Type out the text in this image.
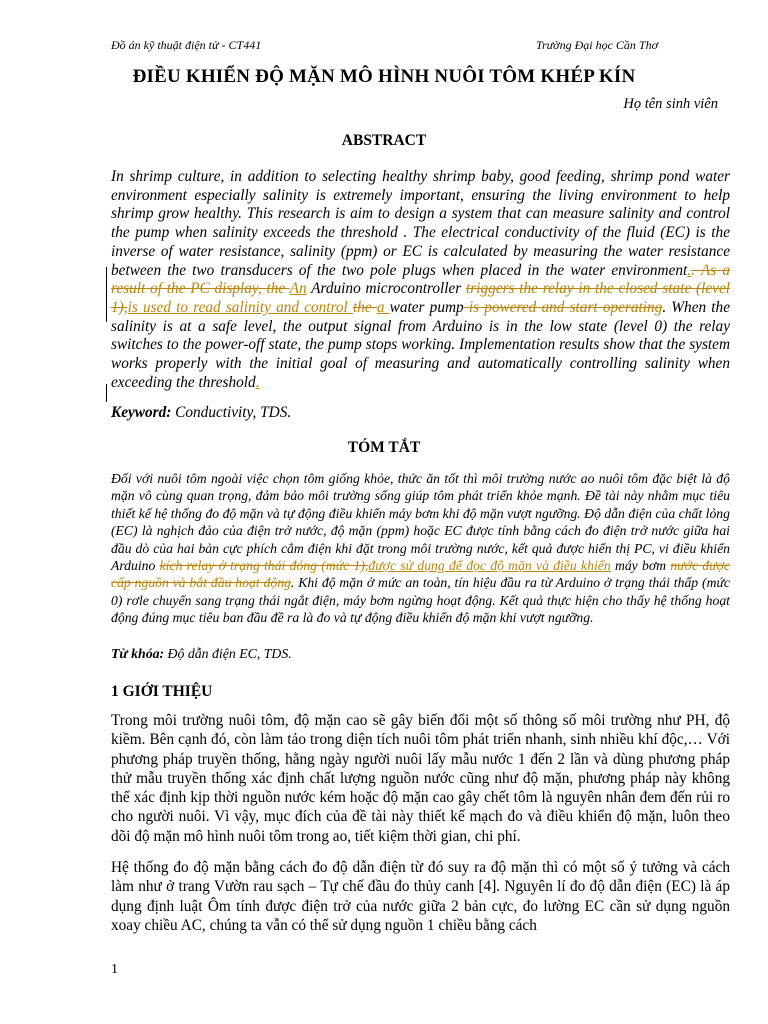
Đồ án kỹ thuật điện tử - CT441	Trường Đại học Cần Thơ
ĐIỀU KHIỂN ĐỘ MẶN MÔ HÌNH NUÔI TÔM KHÉP KÍN
Họ tên sinh viên
ABSTRACT
In shrimp culture, in addition to selecting healthy shrimp baby, good feeding, shrimp pond water environment especially salinity is extremely important, ensuring the living environment to help shrimp grow healthy. This research is aim to design a system that can measure salinity and control the pump when salinity exceeds the threshold . The electrical conductivity of the fluid (EC) is the inverse of water resistance, salinity (ppm) or EC is calculated by measuring the water resistance between the two transducers of the two pole plugs when placed in the water environment.. As a result of the PC display, the An Arduino microcontroller triggers the relay in the closed state (level 1),is used to read salinity and control the a water pump is powered and start operating. When the salinity is at a safe level, the output signal from Arduino is in the low state (level 0) the relay switches to the power-off state, the pump stops working. Implementation results show that the system works properly with the initial goal of measuring and automatically controlling salinity when exceeding the threshold.
Keyword: Conductivity, TDS.
TÓM TẮT
Đối với nuôi tôm ngoài việc chọn tôm giống khỏe, thức ăn tốt thì môi trường nước ao nuôi tôm đặc biệt là độ mặn vô cùng quan trọng, đảm bảo môi trường sống giúp tôm phát triển khỏe mạnh. Đề tài này nhằm mục tiêu thiết kế hệ thống đo độ mặn và tự động điều khiển máy bơm khi độ mặn vượt ngưỡng. Độ dẫn điện của chất lỏng (EC) là nghịch đảo của điện trở nước, độ mặn (ppm) hoặc EC được tính bằng cách đo điện trở nước giữa hai đầu dò của hai bản cực phích cắm điện khi đặt trong môi trường nước, kết quả được hiển thị PC, vi điều khiển Arduino kích relay ở trạng thái đóng (mức 1),được sử dụng để đọc độ mặn và điều khiển máy bơm nước được cấp nguồn và bắt đầu hoạt động. Khi độ mặn ở mức an toàn, tín hiệu đầu ra từ Arduino ở trạng thái thấp (mức 0) rơle chuyển sang trạng thái ngắt điện, máy bơm ngừng hoạt động. Kết quả thực hiện cho thấy hệ thống hoạt động đúng mục tiêu ban đầu đề ra là đo và tự động điều khiển độ mặn khi vượt ngưỡng.
Từ khóa: Độ dẫn điện EC, TDS.
1 GIỚI THIỆU
Trong môi trường nuôi tôm, độ mặn cao sẽ gây biến đổi một số thông số môi trường như PH, độ kiềm. Bên cạnh đó, còn làm tảo trong diện tích nuôi tôm phát triển nhanh, sinh nhiều khí độc,… Với phương pháp truyền thống, hằng ngày người nuôi lấy mẫu nước 1 đến 2 lần và dùng phương pháp thử mẫu truyền thống xác định chất lượng nguồn nước cũng như độ mặn, phương pháp này không thể xác định kịp thời nguồn nước kém hoặc độ mặn cao gây chết tôm là nguyên nhân đem đến rủi ro cho người nuôi. Vì vậy, mục đích của đề tài này thiết kế mạch đo và điều khiển độ mặn, luôn theo dõi độ mặn mô hình nuôi tôm trong ao, tiết kiệm thời gian, chi phí.
Hệ thống đo độ mặn bằng cách đo độ dẫn điện từ đó suy ra độ mặn thì có một số ý tưởng và cách làm như ở trang Vườn rau sạch – Tự chế đầu đo thủy canh [4]. Nguyên lí đo độ dẫn điện (EC) là áp dụng định luật Ôm tính được điện trở của nước giữa 2 bản cực, đo lường EC cần sử dụng nguồn xoay chiều AC, chúng ta vẫn có thể sử dụng nguồn 1 chiều bằng cách
1
